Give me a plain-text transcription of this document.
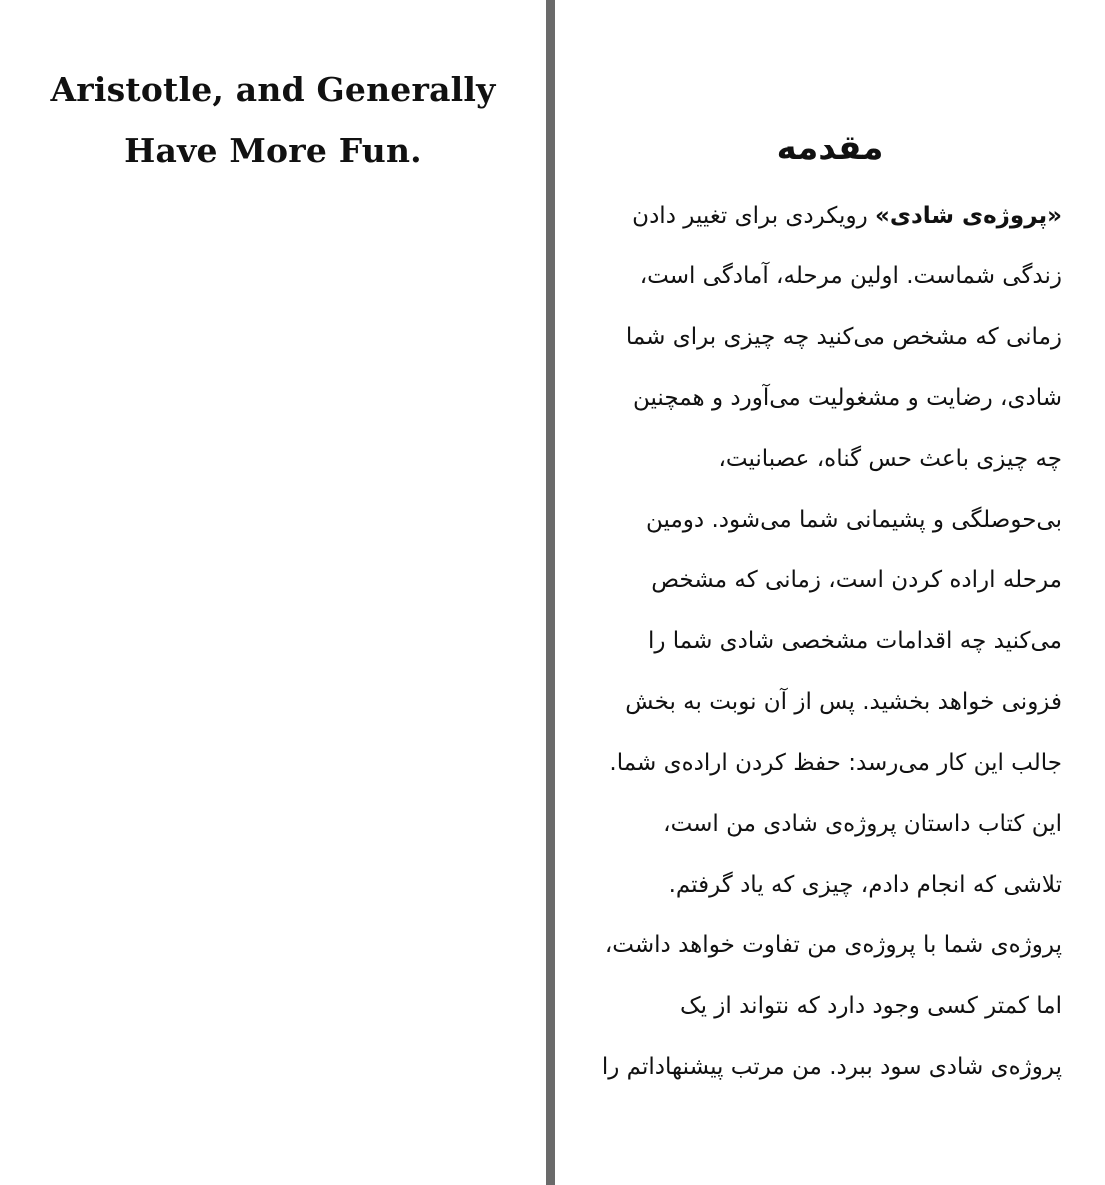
Aristotle, and Generally
Have More Fun.	مقدمه
«پروژه‌ی شادی» رویکردی برای تغییر دادن
زندگی شماست. اولین مرحله، آمادگی است،
زمانی که مشخص می‌کنید چه چیزی برای شما
شادی، رضایت و مشغولیت می‌آورد و همچنین
چه چیزی باعث حس گناه، عصبانیت،
بی‌حوصلگی و پشیمانی شما می‌شود. دومین
مرحله اراده کردن است، زمانی که مشخص
می‌کنید چه اقدامات مشخصی شادی شما را
فزونی خواهد بخشید. پس از آن نوبت به بخش
جالب این کار می‌رسد: حفظ کردن اراده‌ی شما.
این کتاب داستان پروژه‌ی شادی من است،
تلاشی که انجام دادم، چیزی که یاد گرفتم.
پروژه‌ی شما با پروژه‌ی من تفاوت خواهد داشت،
اما کمتر کسی وجود دارد که نتواند از یک
پروژه‌ی شادی سود ببرد. من مرتب پیشنهاداتم را
